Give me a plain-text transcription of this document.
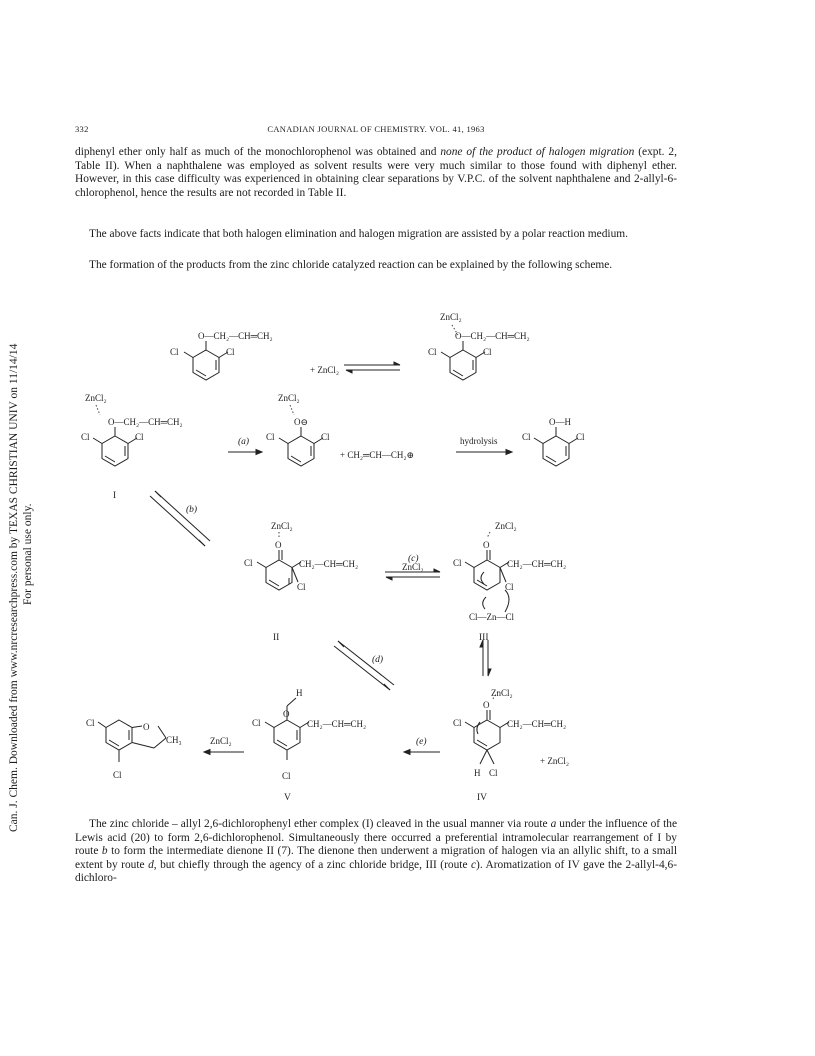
Can. J. Chem. Downloaded from www.nrcresearchpress.com by TEXAS CHRISTIAN UNIV on 11/14/14 For personal use only.
332	CANADIAN JOURNAL OF CHEMISTRY. VOL. 41, 1963

diphenyl ether only half as much of the monochlorophenol was obtained and none of the product of halogen migration (expt. 2, Table II). When a naphthalene was employed as solvent results were very much similar to those found with diphenyl ether. However, in this case difficulty was experienced in obtaining clear separations by V.P.C. of the solvent naphthalene and 2-allyl-6-chlorophenol, hence the results are not recorded in Table II.

The above facts indicate that both halogen elimination and halogen migration are assisted by a polar reaction medium.

The formation of the products from the zinc chloride catalyzed reaction can be explained by the following scheme.

O—CH₂—CH═CH₂
Cl	Cl
+ ZnCl₂
ZnCl₂
O—CH₂—CH═CH₂
Cl	Cl
ZnCl₂
O—CH₂—CH═CH₂
Cl	Cl
ZnCl₂
O⊖
Cl	Cl
+ CH₂═CH—CH₂⊕
hydrolysis
O—H
Cl	Cl
ZnCl₂
O
Cl	CH₂—CH═CH₂
Cl
ZnCl₂
O
Cl	CH₂—CH═CH₂
Cl
Cl—Zn—Cl
ZnCl₂
O
Cl	CH₂—CH═CH₂
H Cl
+ ZnCl₂
H
O
Cl	CH₂—CH═CH₂
Cl
Cl	O
CH₃
Cl
ZnCl₂
(a)
(b)
(c)
(d)
(e)
ZnCl₂
I
II	III
IV
V

The zinc chloride – allyl 2,6-dichlorophenyl ether complex (I) cleaved in the usual manner via route a under the influence of the Lewis acid (20) to form 2,6-dichlorophenol. Simultaneously there occurred a preferential intramolecular rearrangement of I by route b to form the intermediate dienone II (7). The dienone then underwent a migration of halogen via an allylic shift, to a small extent by route d, but chiefly through the agency of a zinc chloride bridge, III (route c). Aromatization of IV gave the 2-allyl-4,6-dichloro-
